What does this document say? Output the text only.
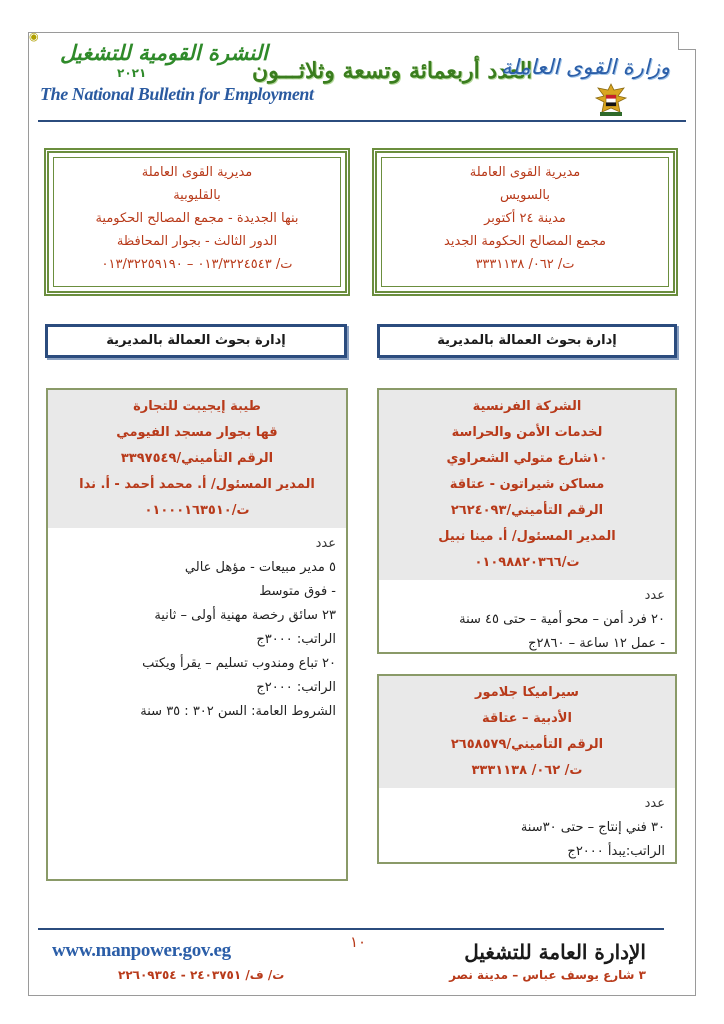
◉
النشرة القومية للتشغيل
٢٠٢١
The National Bulletin for Employment
العدد أربعمائة وتسعة وثلاثـــون
وزارة القوى العاملة
مديرية القوى العاملة
بالقليوبية
بنها الجديدة - مجمع المصالح الحكومية
الدور الثالث - بجوار المحافظة
ت/ ٠١٣/٣٢٢٤٥٤٣ – ٠١٣/٣٢٢٥٩١٩٠
مديرية القوى العاملة
بالسويس
مدينة ٢٤ أكتوبر
مجمع المصالح الحكومة الجديد
ت/ ٠٦٢/ ٣٣٣١١٣٨
إدارة بحوث العمالة بالمديرية	إدارة بحوث العمالة بالمديرية
طيبة إيجيبت للتجارة
قها بجوار مسجد الفيومي
الرقم التأميني/٣٣٩٧٥٤٩
المدير المسئول/ أ. محمد أحمد - أ. ندا
ت/٠١٠٠٠١٦٣٥١٠
عدد
٥ مدير مبيعات - مؤهل عالي
- فوق متوسط
٢٣ سائق رخصة مهنية أولى – ثانية
الراتب: ٣٠٠٠ج
٢٠ تباع ومندوب تسليم – يقرأ ويكتب
الراتب: ٢٠٠٠ج
الشروط العامة: السن ٣٠٢ : ٣٥ سنة
الشركة الفرنسية
لخدمات الأمن والحراسة
١٠شارع متولي الشعراوي
مساكن شيراتون - عتاقة
الرقم التأميني/٢٦٢٤٠٩٣
المدير المسئول/ أ. مينا نبيل
ت/٠١٠٩٨٨٢٠٣٦٦
عدد
٢٠ فرد أمن – محو أمية – حتى ٤٥ سنة
- عمل ١٢ ساعة – ٢٨٦٠ج
سيراميكا جلامور
الأدبية – عتاقة
الرقم التأميني/٢٦٥٨٥٧٩
ت/ ٠٦٢/ ٣٣٣١١٣٨
عدد
٣٠ فني إنتاج – حتى ٣٠سنة
الراتب:يبدأ ٢٠٠٠ج
www.manpower.gov.eg	١٠	الإدارة العامة للتشغيل
٣ شارع يوسف عباس – مدينة نصر
ت/ ف/ ٢٤٠٣٧٥١ - ٢٢٦٠٩٣٥٤
